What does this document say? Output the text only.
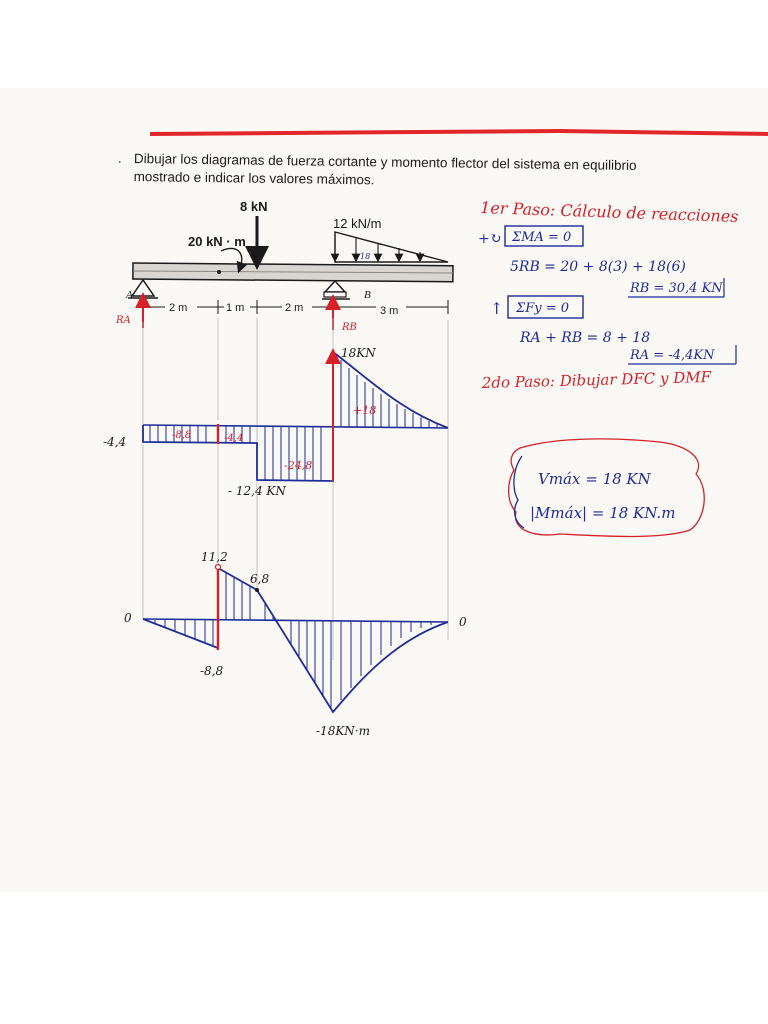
8 kN
20 kN · m
12 kN/m
18
A	B
2 m	1 m	2 m	3 m
RA
RB
-4,4	-8,8	-4,4
-24,8
- 12,4 KN
18KN
+18
0	0
11,2
6,8
-8,8
-18KN·m
1er Paso: Cálculo de reacciones
+↻ ΣMA = 0
5RB = 20 + 8(3) + 18(6)
RB = 30,4 KN
↑ ΣFy = 0
RA + RB = 8 + 18
RA = -4,4KN
2do Paso: Dibujar DFC y DMF
Vmáx = 18 KN
|Mmáx| = 18 KN.m
. Dibujar los diagramas de fuerza cortante y momento flector del sistema en equilibrio
mostrado e indicar los valores máximos.
